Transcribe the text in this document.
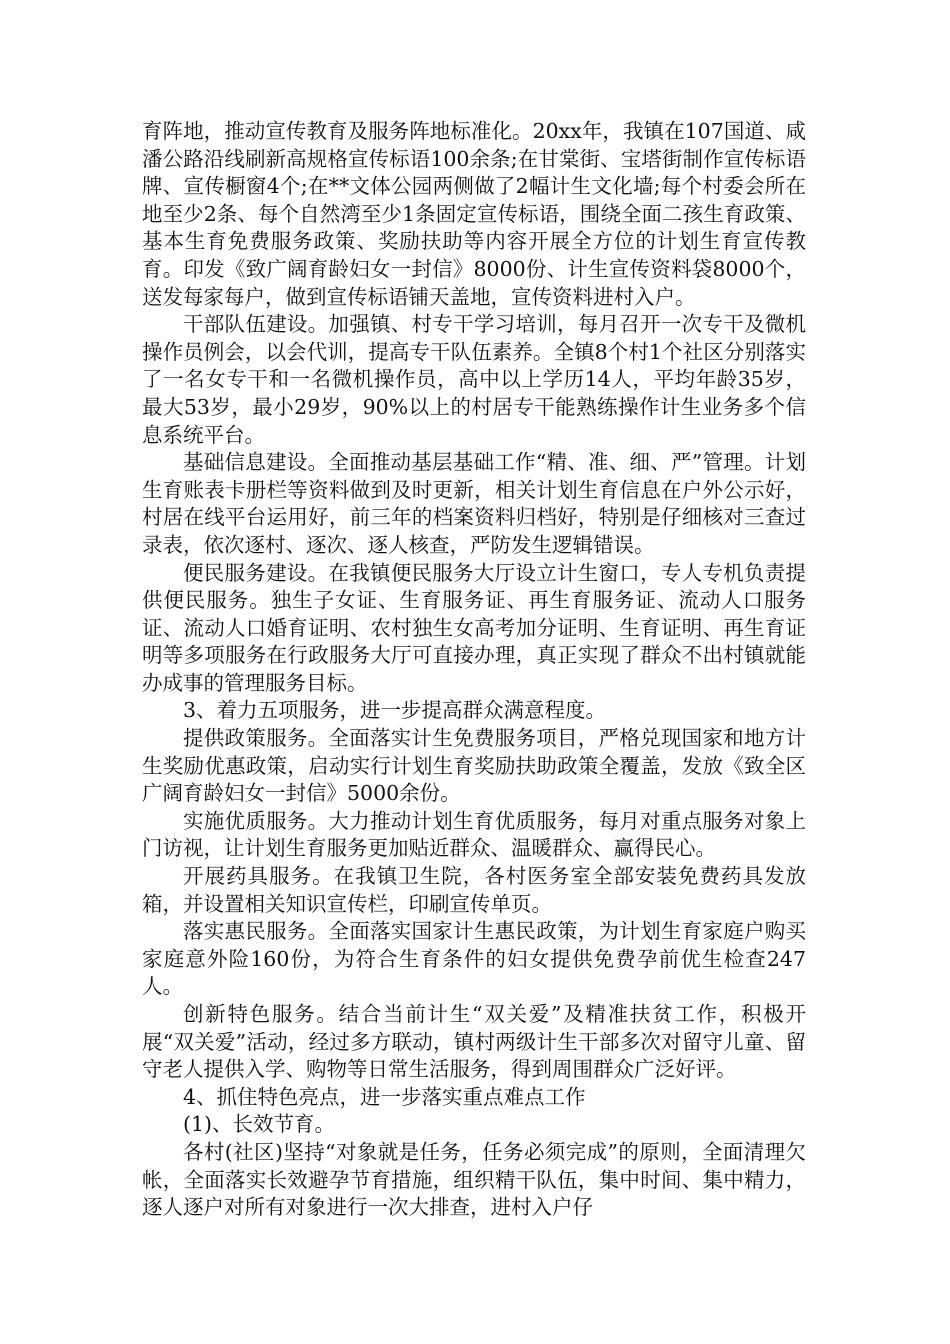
育阵地，推动宣传教育及服务阵地标准化。20xx年，我镇在107国道、咸潘公路沿线刷新高规格宣传标语100余条;在甘棠街、宝塔街制作宣传标语牌、宣传橱窗4个;在**文体公园两侧做了2幅计生文化墙;每个村委会所在地至少2条、每个自然湾至少1条固定宣传标语，围绕全面二孩生育政策、基本生育免费服务政策、奖励扶助等内容开展全方位的计划生育宣传教育。印发《致广阔育龄妇女一封信》8000份、计生宣传资料袋8000个，送发每家每户，做到宣传标语铺天盖地，宣传资料进村入户。

干部队伍建设。加强镇、村专干学习培训，每月召开一次专干及微机操作员例会，以会代训，提高专干队伍素养。全镇8个村1个社区分别落实了一名女专干和一名微机操作员，高中以上学历14人，平均年龄35岁，最大53岁，最小29岁，90%以上的村居专干能熟练操作计生业务多个信息系统平台。

基础信息建设。全面推动基层基础工作“精、准、细、严”管理。计划生育账表卡册栏等资料做到及时更新，相关计划生育信息在户外公示好，村居在线平台运用好，前三年的档案资料归档好，特别是仔细核对三查过录表，依次逐村、逐次、逐人核查，严防发生逻辑错误。

便民服务建设。在我镇便民服务大厅设立计生窗口，专人专机负责提供便民服务。独生子女证、生育服务证、再生育服务证、流动人口服务证、流动人口婚育证明、农村独生女高考加分证明、生育证明、再生育证明等多项服务在行政服务大厅可直接办理，真正实现了群众不出村镇就能办成事的管理服务目标。

3、着力五项服务，进一步提高群众满意程度。

提供政策服务。全面落实计生免费服务项目，严格兑现国家和地方计生奖励优惠政策，启动实行计划生育奖励扶助政策全覆盖，发放《致全区广阔育龄妇女一封信》5000余份。

实施优质服务。大力推动计划生育优质服务，每月对重点服务对象上门访视，让计划生育服务更加贴近群众、温暖群众、赢得民心。

开展药具服务。在我镇卫生院，各村医务室全部安装免费药具发放箱，并设置相关知识宣传栏，印刷宣传单页。

落实惠民服务。全面落实国家计生惠民政策，为计划生育家庭户购买家庭意外险160份，为符合生育条件的妇女提供免费孕前优生检查247人。

创新特色服务。结合当前计生“双关爱”及精准扶贫工作，积极开展“双关爱”活动，经过多方联动，镇村两级计生干部多次对留守儿童、留守老人提供入学、购物等日常生活服务，得到周围群众广泛好评。

4、抓住特色亮点，进一步落实重点难点工作

(1)、长效节育。

各村(社区)坚持“对象就是任务，任务必须完成”的原则，全面清理欠帐，全面落实长效避孕节育措施，组织精干队伍，集中时间、集中精力，逐人逐户对所有对象进行一次大排查，进村入户仔
